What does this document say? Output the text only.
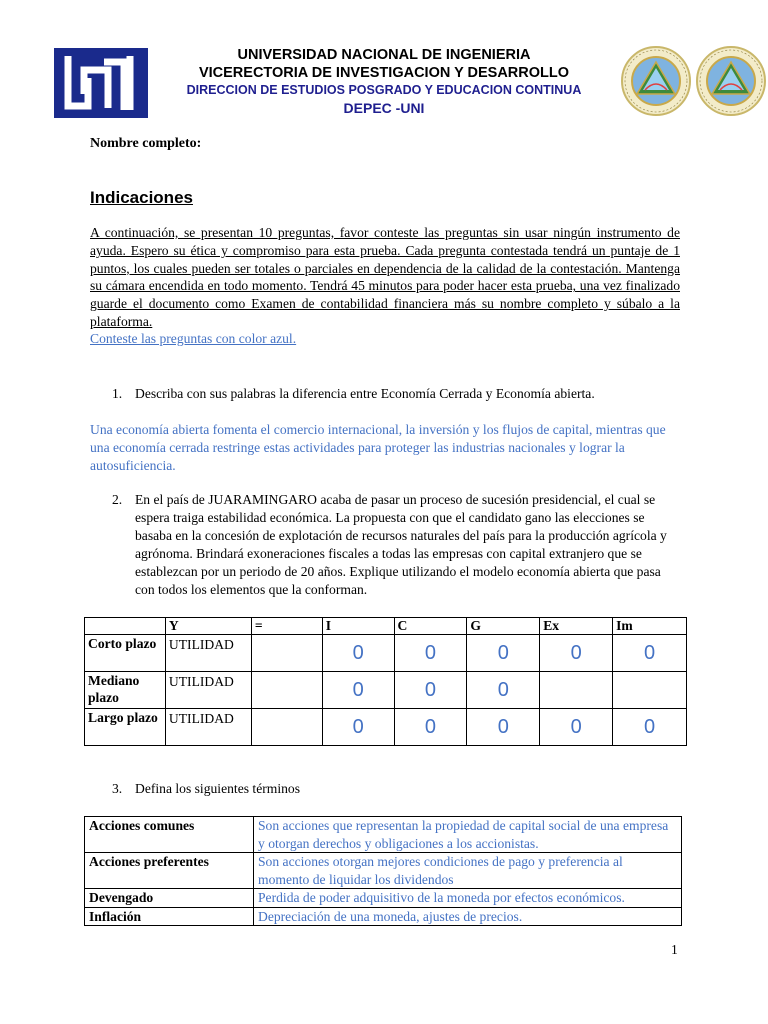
UNIVERSIDAD NACIONAL DE INGENIERIA
VICERECTORIA DE INVESTIGACION Y DESARROLLO
DIRECCION DE ESTUDIOS POSGRADO Y EDUCACION CONTINUA
DEPEC -UNI
Nombre completo:
Indicaciones
A continuación, se presentan 10 preguntas, favor conteste las preguntas sin usar ningún instrumento de ayuda. Espero su ética y compromiso para esta prueba. Cada pregunta contestada tendrá un puntaje de 1 puntos, los cuales pueden ser totales o parciales en dependencia de la calidad de la contestación. Mantenga su cámara encendida en todo momento. Tendrá 45 minutos para poder hacer esta prueba, una vez finalizado guarde el documento como Examen de contabilidad financiera más su nombre completo y súbalo a la plataforma.
Conteste las preguntas con color azul.
1. Describa con sus palabras la diferencia entre Economía Cerrada y Economía abierta.
Una economía abierta fomenta el comercio internacional, la inversión y los flujos de capital, mientras que una economía cerrada restringe estas actividades para proteger las industrias nacionales y lograr la autosuficiencia.
2. En el país de JUARAMINGARO acaba de pasar un proceso de sucesión presidencial, el cual se espera traiga estabilidad económica. La propuesta con que el candidato gano las elecciones se basaba en la concesión de explotación de recursos naturales del país para la producción agrícola y agrónoma. Brindará exoneraciones fiscales a todas las empresas con capital extranjero que se establezcan por un periodo de 20 años. Explique utilizando el modelo economía abierta que pasa con todos los elementos que la conforman.
	Y	=	I	C	G	Ex	Im
Corto plazo	UTILIDAD		0	0	0	0	0
Mediano plazo	UTILIDAD		0	0	0		
Largo plazo	UTILIDAD		0	0	0	0	0
3. Defina los siguientes términos
Acciones comunes	Son acciones que representan la propiedad de capital social de una empresa y otorgan derechos y obligaciones a los accionistas.
Acciones preferentes	Son acciones otorgan mejores condiciones de pago y preferencia al momento de liquidar los dividendos
Devengado	Perdida de poder adquisitivo de la moneda por efectos económicos.
Inflación	Depreciación de una moneda, ajustes de precios.
1
